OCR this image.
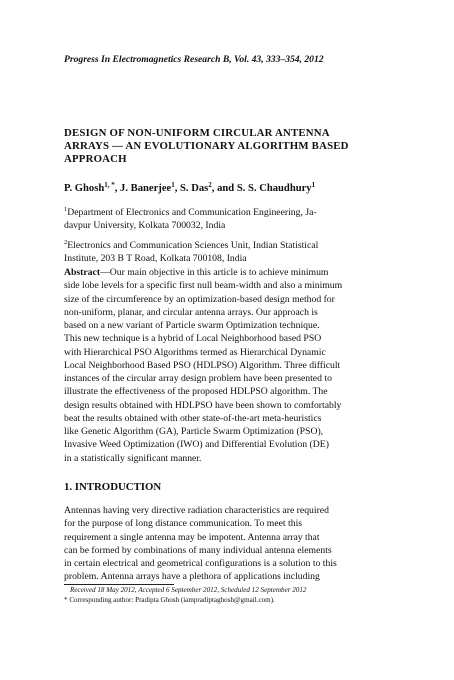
Progress In Electromagnetics Research B, Vol. 43, 333–354, 2012
DESIGN OF NON-UNIFORM CIRCULAR ANTENNA
ARRAYS — AN EVOLUTIONARY ALGORITHM BASED
APPROACH
P. Ghosh$^{1, *}$, J. Banerjee$^1$, S. Das$^2$, and S. S. Chaudhury$^1$
$^1$Department of Electronics and Communication Engineering, Ja-
davpur University, Kolkata 700032, India
$^2$Electronics and Communication Sciences Unit, Indian Statistical
Institute, 203 B T Road, Kolkata 700108, India
Abstract—Our main objective in this article is to achieve minimum
side lobe levels for a specific first null beam-width and also a minimum
size of the circumference by an optimization-based design method for
non-uniform, planar, and circular antenna arrays. Our approach is
based on a new variant of Particle swarm Optimization technique.
This new technique is a hybrid of Local Neighborhood based PSO
with Hierarchical PSO Algorithms termed as Hierarchical Dynamic
Local Neighborhood Based PSO (HDLPSO) Algorithm. Three difficult
instances of the circular array design problem have been presented to
illustrate the effectiveness of the proposed HDLPSO algorithm. The
design results obtained with HDLPSO have been shown to comfortably
beat the results obtained with other state-of-the-art meta-heuristics
like Genetic Algorithm (GA), Particle Swarm Optimization (PSO),
Invasive Weed Optimization (IWO) and Differential Evolution (DE)
in a statistically significant manner.
1. INTRODUCTION
Antennas having very directive radiation characteristics are required
for the purpose of long distance communication. To meet this
requirement a single antenna may be impotent. Antenna array that
can be formed by combinations of many individual antenna elements
in certain electrical and geometrical configurations is a solution to this
problem. Antenna arrays have a plethora of applications including
Received 18 May 2012, Accepted 6 September 2012, Scheduled 12 September 2012
* Corresponding author: Pradipta Ghosh (iampradiptaghosh@gmail.com).
